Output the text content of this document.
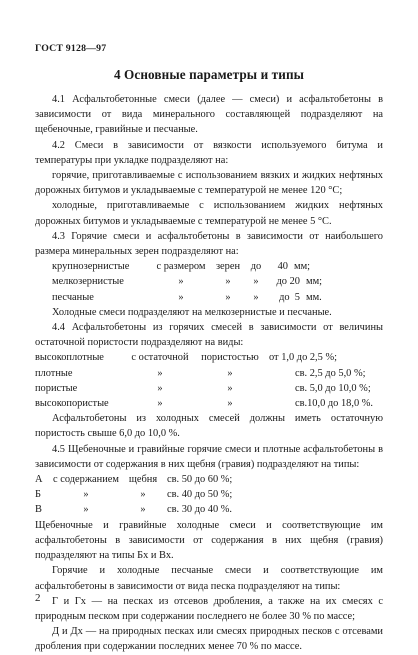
ГОСТ 9128—97
4 Основные параметры и типы

4.1 Асфальтобетонные смеси (далее — смеси) и асфальтобетоны в зависимости от вида минерального составляющей подразделяют на щебеночные, гравийные и песчаные.

4.2 Смеси в зависимости от вязкости используемого битума и температуры при укладке подразделяют на:

горячие, приготавливаемые с использованием вязких и жидких нефтяных дорожных битумов и укладываемые с температурой не менее 120 °С;

холодные, приготавливаемые с использованием жидких нефтяных дорожных битумов и укладываемые с температурой не менее 5 °С.

4.3 Горячие смеси и асфальтобетоны в зависимости от наибольшего размера минеральных зерен подразделяют на:

крупнозернистые	с размером	зерен	до	40 мм;
мелкозернистые	»	»	»	до 20 мм;
песчаные	»	»	»	до  5 мм.

Холодные смеси подразделяют на мелкозернистые и песчаные.

4.4 Асфальтобетоны из горячих смесей в зависимости от величины остаточной пористости подразделяют на виды:

высокоплотные	с остаточной	пористостью от 1,0 до 2,5 %;
плотные	»	»	св. 2,5 до 5,0 %;
пористые	»	»	св. 5,0 до 10,0 %;
высокопористые	»	»	св.10,0 до 18,0 %.

Асфальтобетоны из холодных смесей должны иметь остаточную пористость свыше 6,0 до 10,0 %.

4.5 Щебеночные и гравийные горячие смеси и плотные асфальтобетоны в зависимости от содержания в них щебня (гравия) подразделяют на типы:

А	с содержанием щебня св. 50 до 60 %;
Б	»	»	св. 40 до 50 %;
В	»	»	св. 30 до 40 %.

Щебеночные и гравийные холодные смеси и соответствующие им асфальтобетоны в зависимости от содержания в них щебня (гравия) подразделяют на типы Бх и Вх.

Горячие и холодные песчаные смеси и соответствующие им асфальтобетоны в зависимости от вида песка подразделяют на типы:

Г и Гх — на песках из отсевов дробления, а также на их смесях с природным песком при содержании последнего не более 30 % по массе;

Д и Дх — на природных песках или смесях природных песков с отсевами дробления при содержании последних менее 70 % по массе.

2
